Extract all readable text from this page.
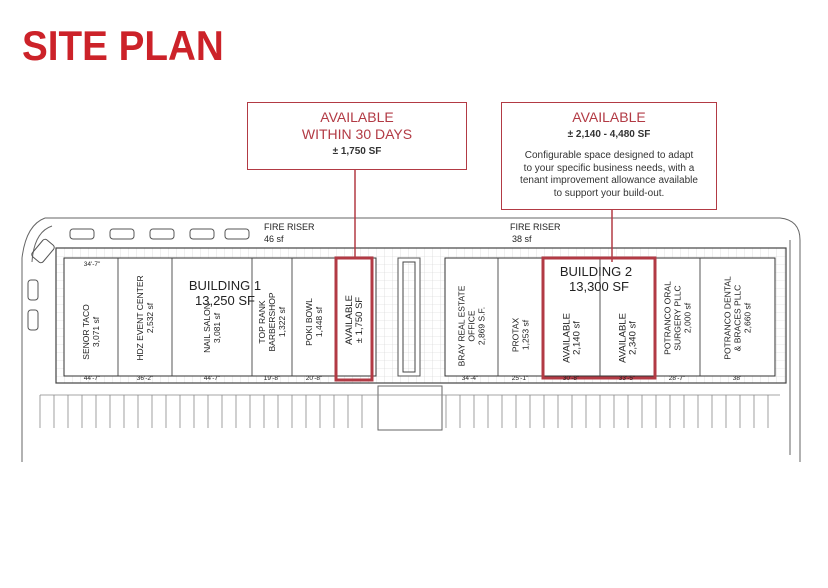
SITE PLAN
AVAILABLE
WITHIN 30 DAYS
± 1,750 SF
AVAILABLE
± 2,140 - 4,480 SF
Configurable space designed to adapt
to your specific business needs, with a
tenant improvement allowance available
to support your build-out.
FIRE RISER
46 sf
FIRE RISER
38 sf
BUILDING 1
13,250 SF
BUILDING 2
13,300 SF
SENOR TACO3,071 sf	HDZ EVENT CENTER2,532 sf	NAIL SALON3,081 sf	TOP RANKBARBERSHOP1,322 sf POKI BOWL1,448 sf AVAILABLE± 1,750 SF	BRAY REAL ESTATEOFFICE2,869 S.F.	PROTAX1,253 sf	AVAILABLE2,140 sf	AVAILABLE2,340 sf	POTRANCO ORALSURGERY PLLC2,000 sf	POTRANCO DENTAL& BRACES PLLC2,660 sf
34'-7"
44'-7"	36'-2"	44'-7"	19'-8"	20'-8"	34'-4"	25'-1"	30'-8"	33'-5"	28'-7"	38'
